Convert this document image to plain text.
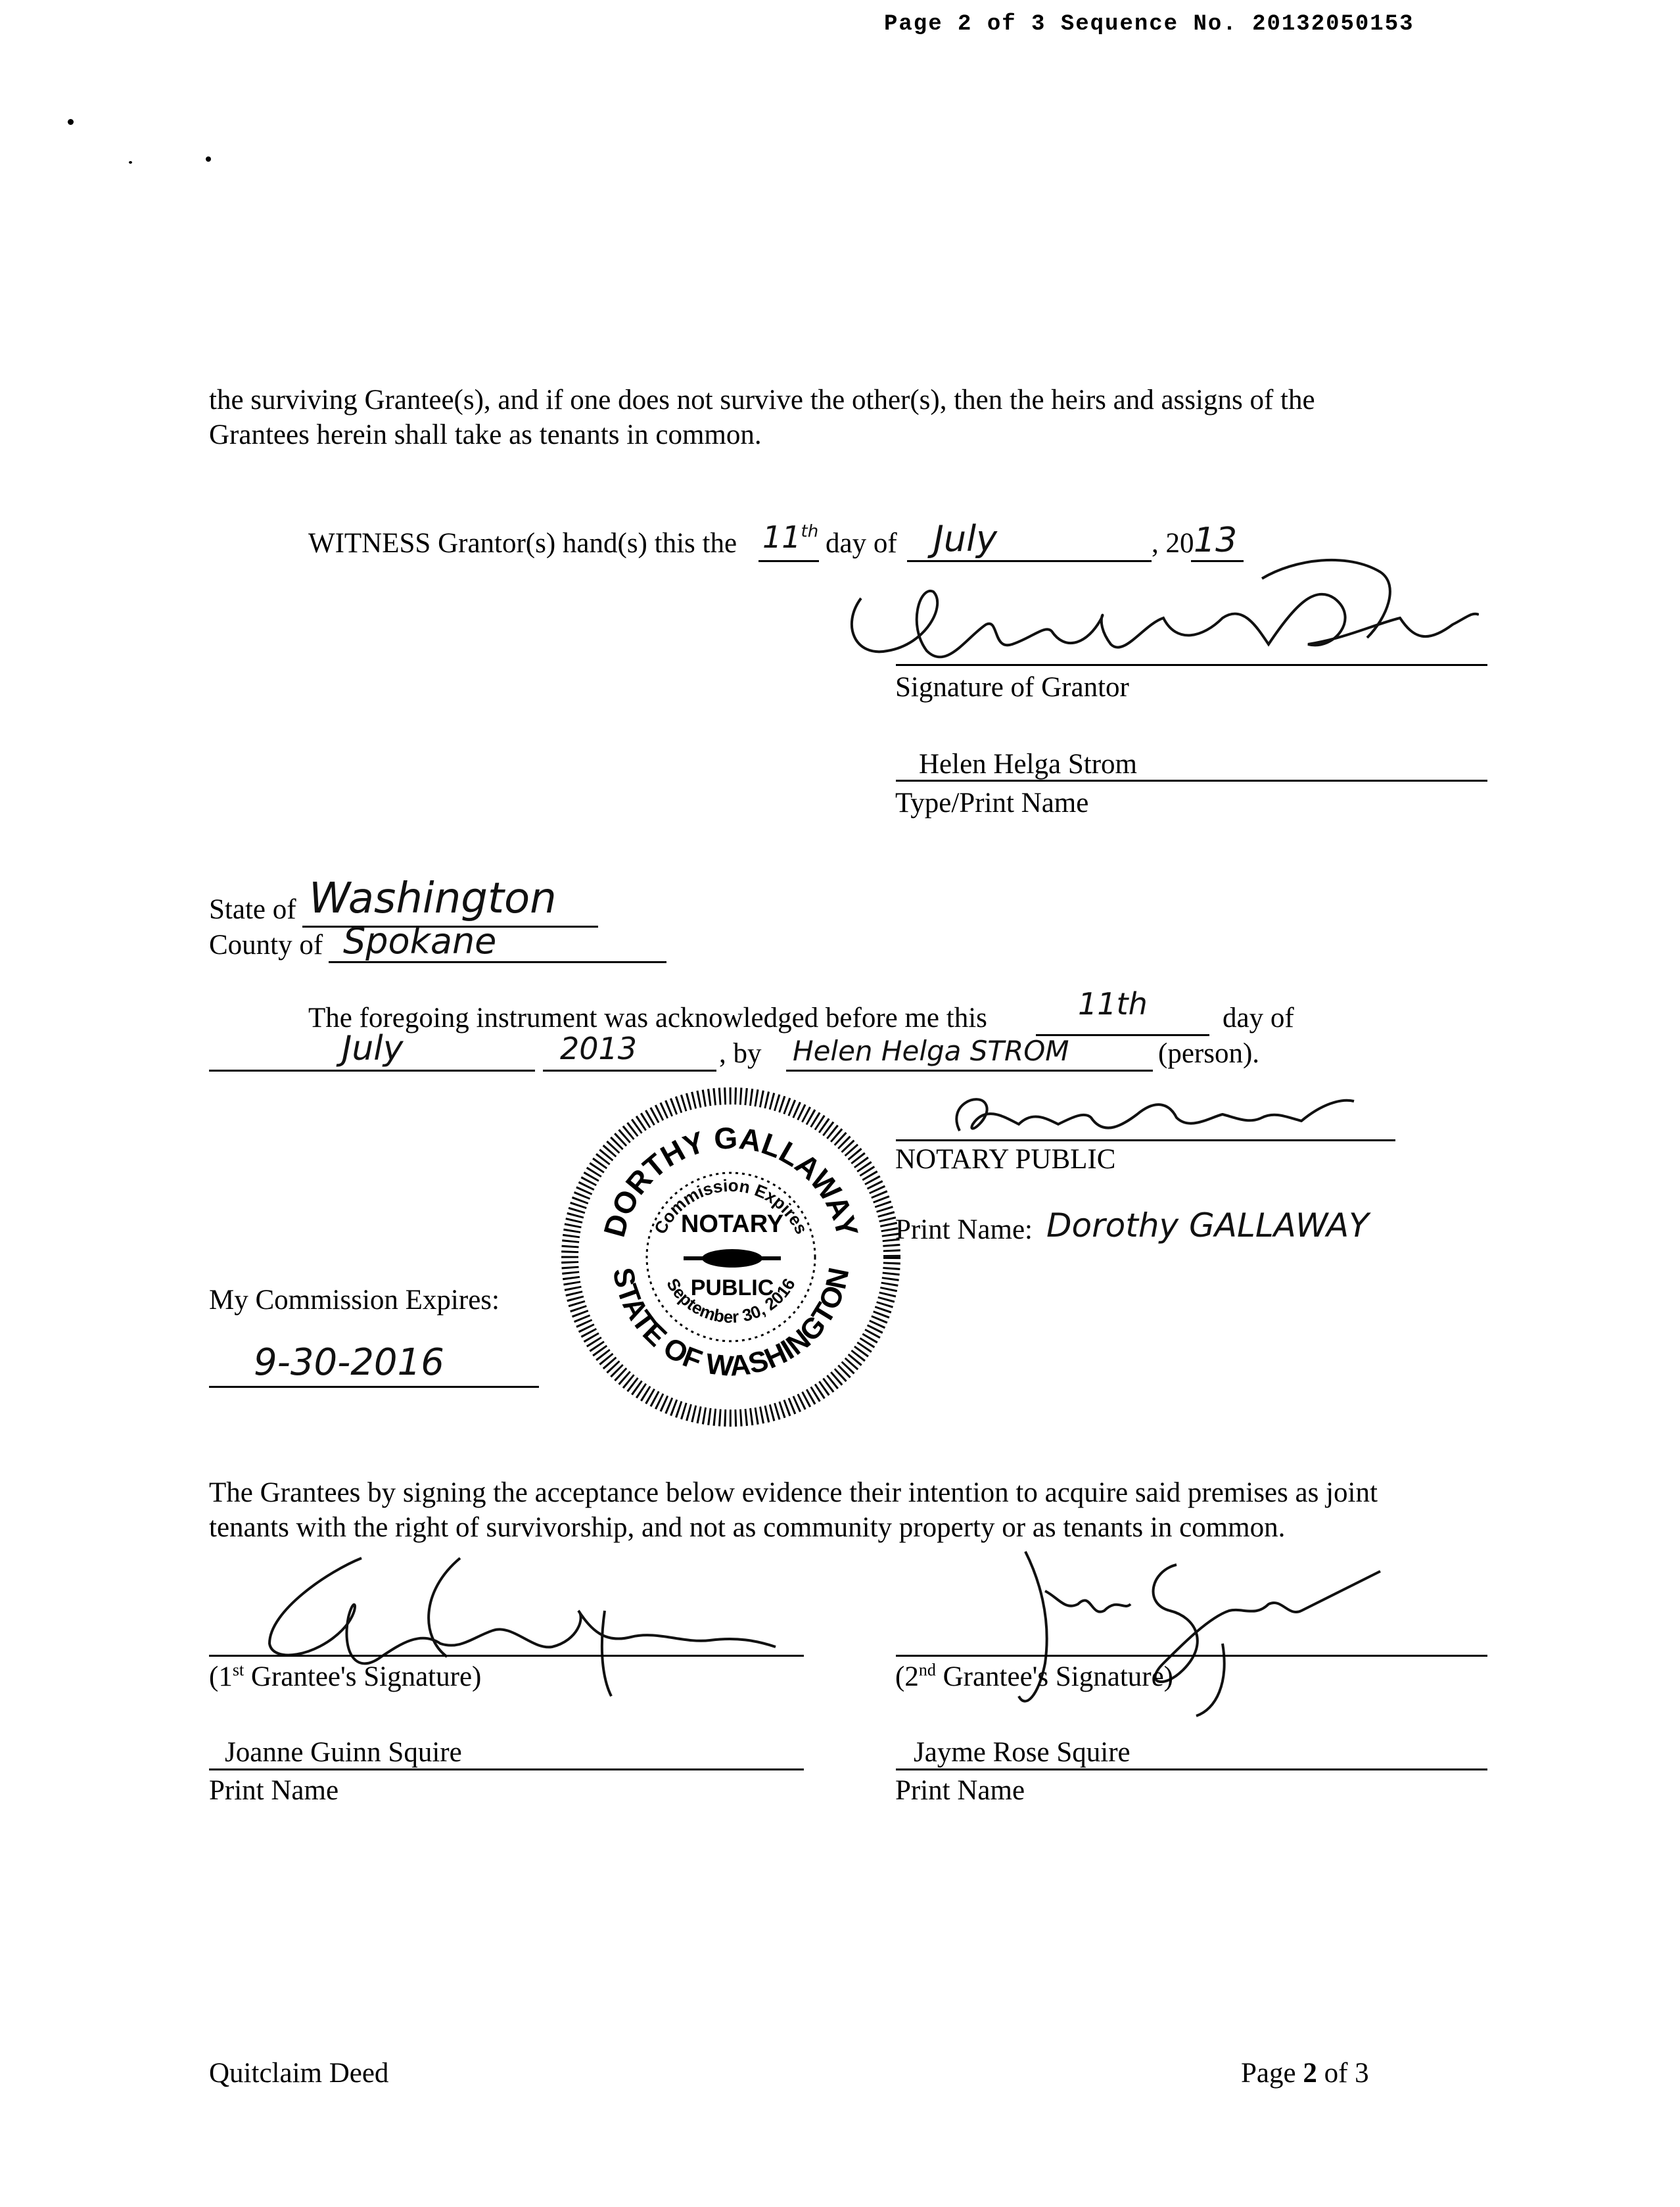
Page 2 of 3 Sequence No. 20132050153
the surviving Grantee(s), and if one does not survive the other(s), then the heirs and assigns of the
Grantees herein shall take as tenants in common.
WITNESS Grantor(s) hand(s) this the 11th day of July	, 20 13
Signature of Grantor
Helen Helga Strom
Type/Print Name
State of Washington
County of Spokane
The foregoing instrument was acknowledged before me this	11th	day of
July	2013	, by Helen Helga STROM	(person).
DORTHY GALLAWAY
STATE OF WASHINGTON
Commission Expires
September 30, 2016
NOTARY
PUBLIC
NOTARY PUBLIC
Print Name: Dorothy GALLAWAY
My Commission Expires:
9-30-2016
The Grantees by signing the acceptance below evidence their intention to acquire said premises as joint
tenants with the right of survivorship, and not as community property or as tenants in common.
(1st Grantee's Signature)
Joanne Guinn Squire
Print Name
(2nd Grantee's Signature)
Jayme Rose Squire
Print Name
Quitclaim Deed	Page 2 of 3
